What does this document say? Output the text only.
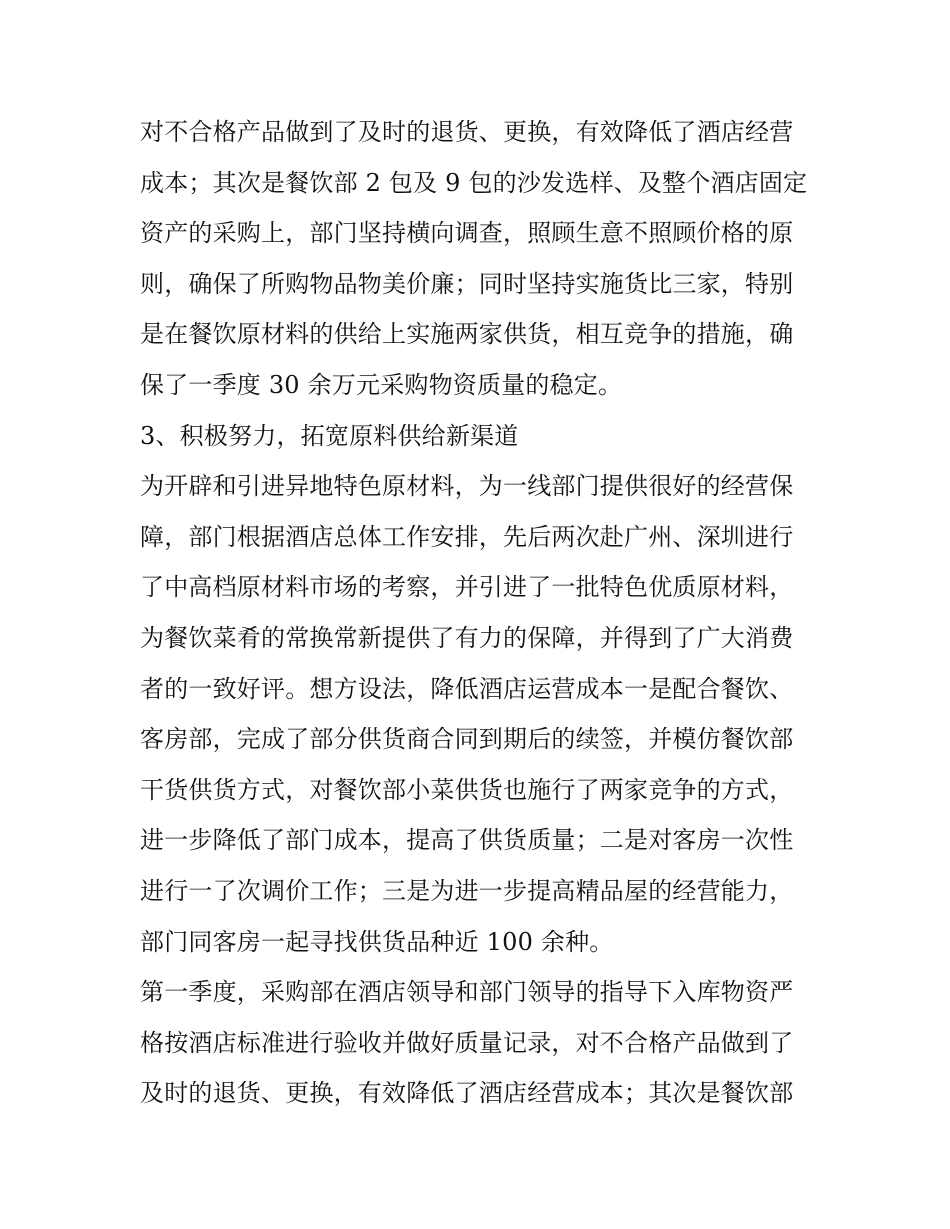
对不合格产品做到了及时的退货、更换，有效降低了酒店经营
成本；其次是餐饮部 2 包及 9 包的沙发选样、及整个酒店固定
资产的采购上，部门坚持横向调查，照顾生意不照顾价格的原
则，确保了所购物品物美价廉；同时坚持实施货比三家，特别
是在餐饮原材料的供给上实施两家供货，相互竞争的措施，确
保了一季度 30 余万元采购物资质量的稳定。
3、积极努力，拓宽原料供给新渠道
为开辟和引进异地特色原材料，为一线部门提供很好的经营保
障，部门根据酒店总体工作安排，先后两次赴广州、深圳进行
了中高档原材料市场的考察，并引进了一批特色优质原材料，
为餐饮菜肴的常换常新提供了有力的保障，并得到了广大消费
者的一致好评。想方设法，降低酒店运营成本一是配合餐饮、
客房部，完成了部分供货商合同到期后的续签，并模仿餐饮部
干货供货方式，对餐饮部小菜供货也施行了两家竞争的方式，
进一步降低了部门成本，提高了供货质量；二是对客房一次性
进行一了次调价工作；三是为进一步提高精品屋的经营能力，
部门同客房一起寻找供货品种近 100 余种。
第一季度，采购部在酒店领导和部门领导的指导下入库物资严
格按酒店标准进行验收并做好质量记录，对不合格产品做到了
及时的退货、更换，有效降低了酒店经营成本；其次是餐饮部
